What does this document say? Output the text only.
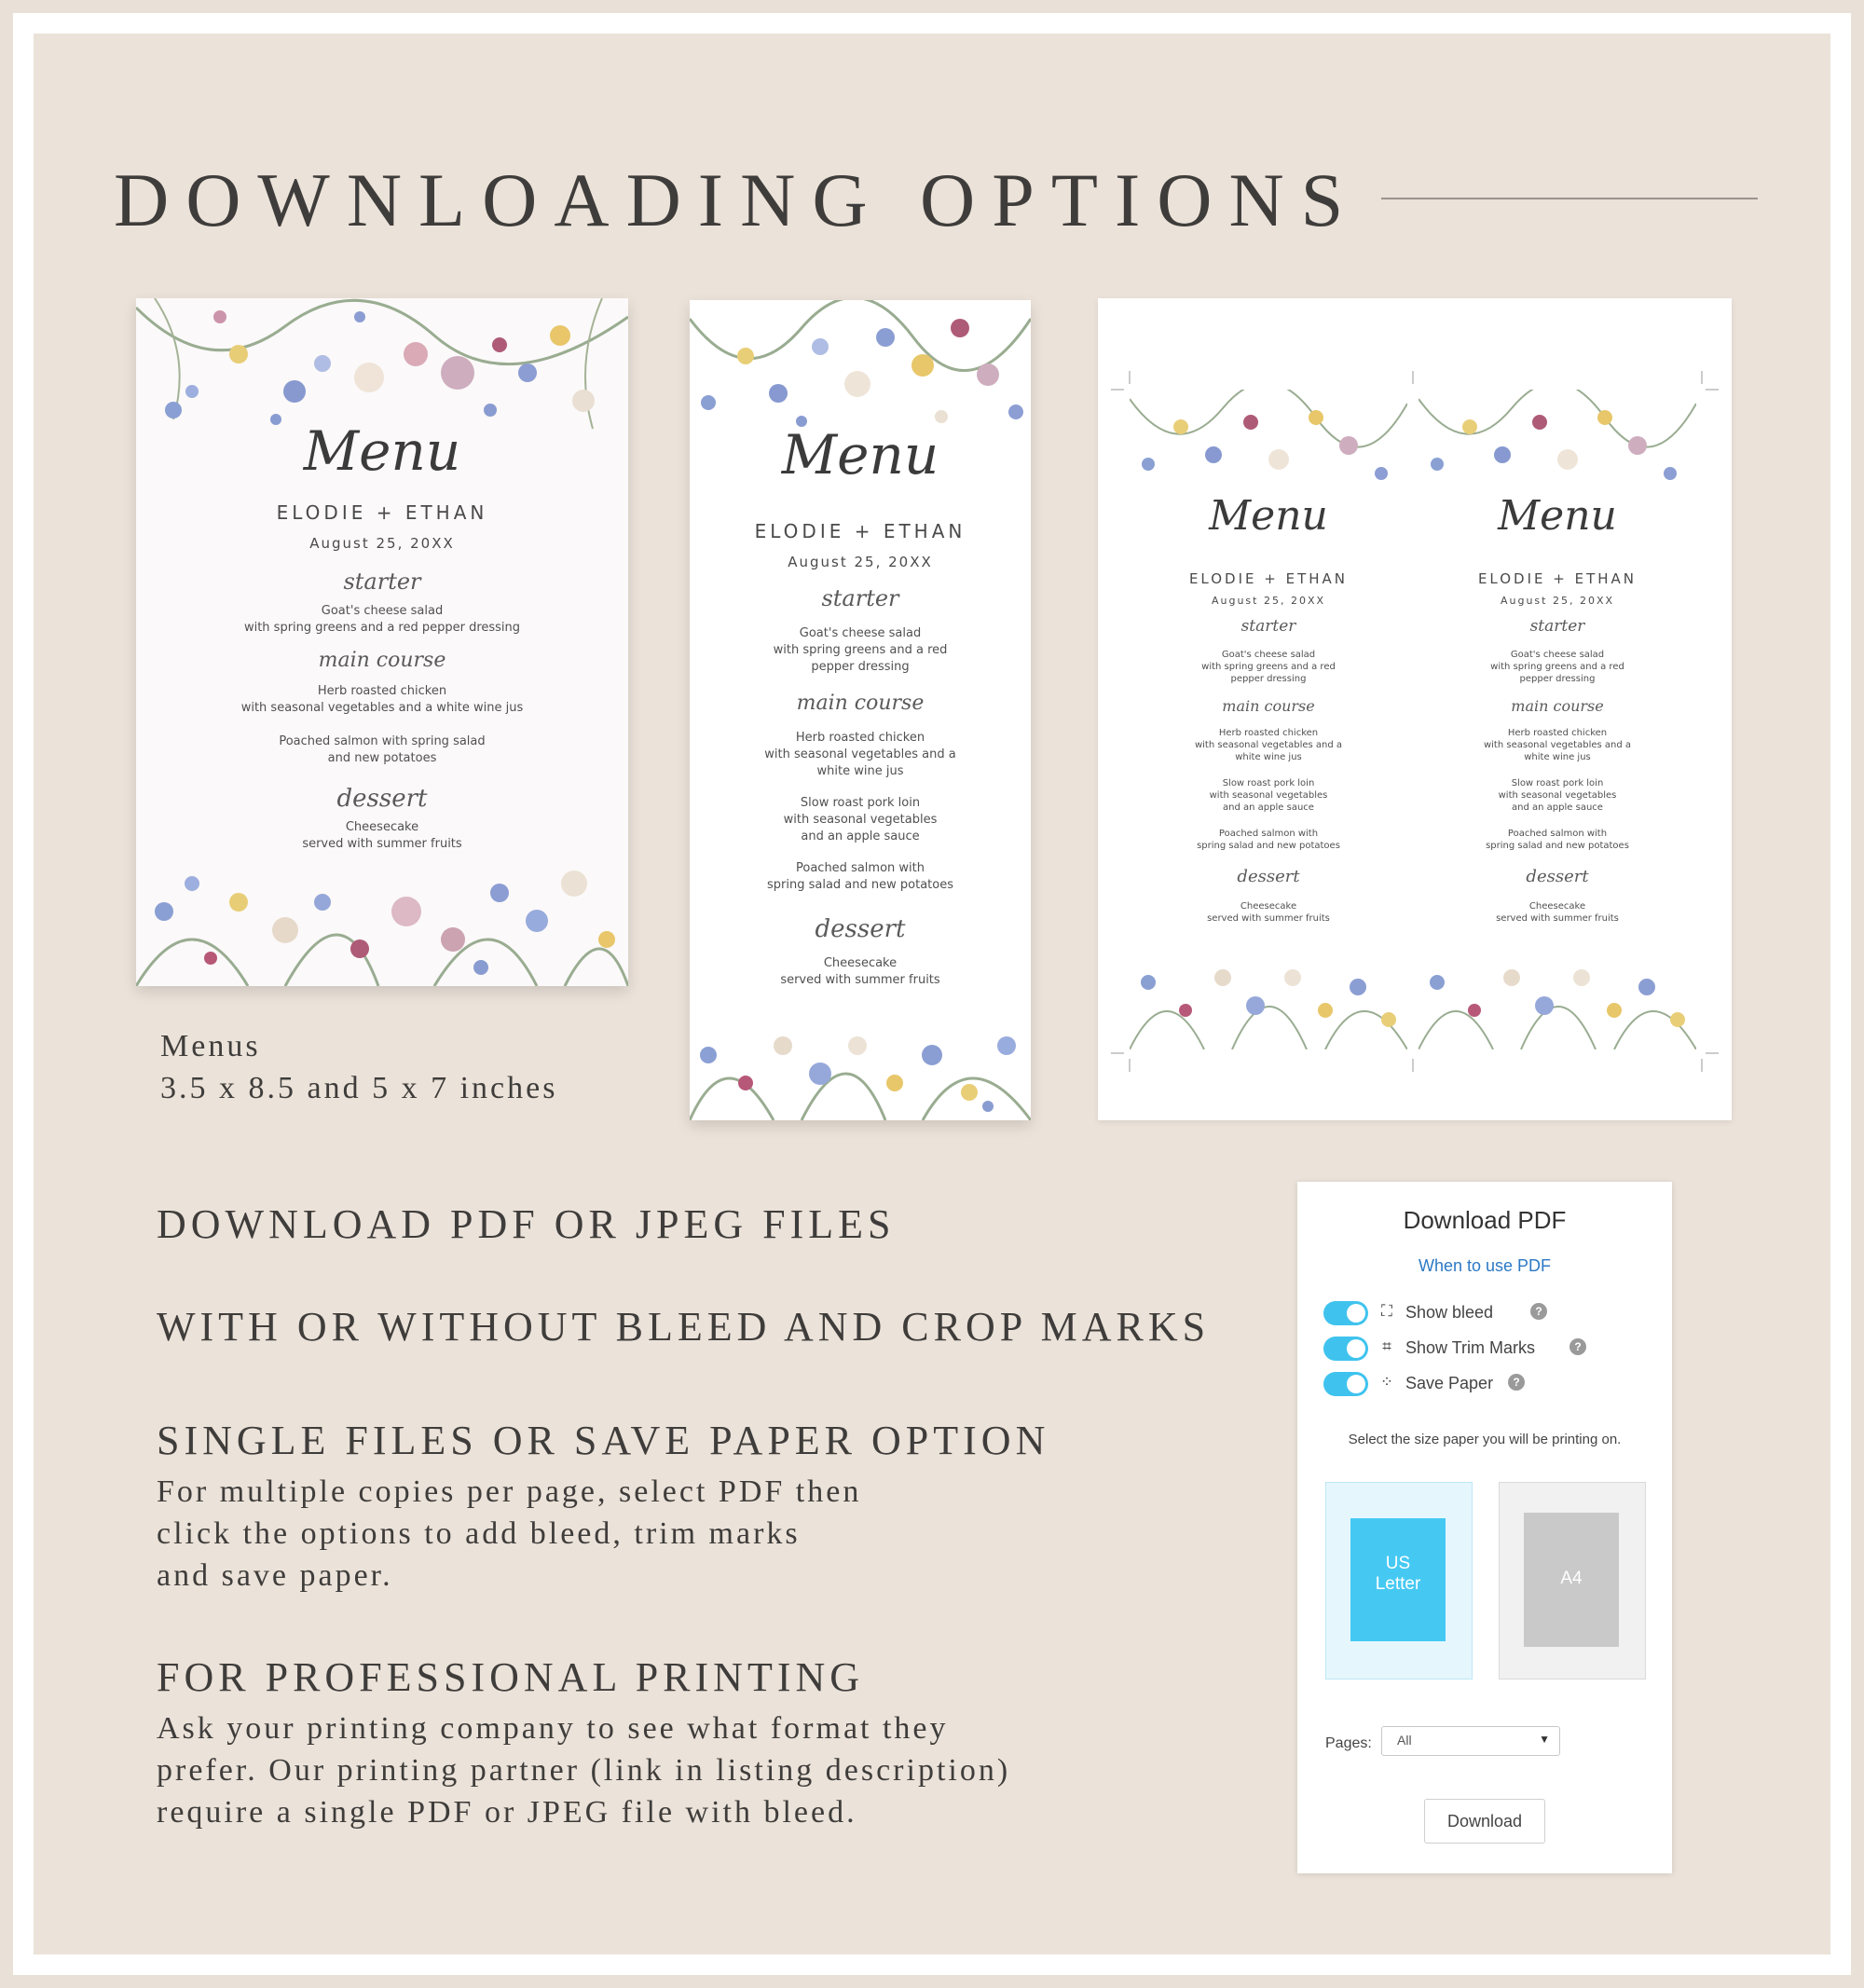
DOWNLOADING OPTIONS
Menu
ELODIE + ETHAN
August 25, 20XX
starter
Goat's cheese salad
with spring greens and a red pepper dressing
main course
Herb roasted chicken
with seasonal vegetables and a white wine jus
Poached salmon with spring salad
and new potatoes
dessert
Cheesecake
served with summer fruits
Menu
ELODIE + ETHAN
August 25, 20XX
starter
Goat's cheese salad
with spring greens and a red
pepper dressing
main course
Herb roasted chicken
with seasonal vegetables and a
white wine jus
Slow roast pork loin
with seasonal vegetables
and an apple sauce
Poached salmon with
spring salad and new potatoes
dessert
Cheesecake
served with summer fruits
Menu
ELODIE + ETHAN
August 25, 20XX
starter
Goat's cheese salad
with spring greens and a red
pepper dressing
main course
Herb roasted chicken
with seasonal vegetables and a
white wine jus
Slow roast pork loin
with seasonal vegetables
and an apple sauce
Poached salmon with
spring salad and new potatoes
dessert
Cheesecake
served with summer fruits
Menu
ELODIE + ETHAN
August 25, 20XX
starter
Goat's cheese salad
with spring greens and a red
pepper dressing
main course
Herb roasted chicken
with seasonal vegetables and a
white wine jus
Slow roast pork loin
with seasonal vegetables
and an apple sauce
Poached salmon with
spring salad and new potatoes
dessert
Cheesecake
served with summer fruits
Menus
3.5 x 8.5 and 5 x 7 inches
DOWNLOAD PDF OR JPEG FILES
WITH OR WITHOUT BLEED AND CROP MARKS
SINGLE FILES OR SAVE PAPER OPTION
For multiple copies per page, select PDF then
click the options to add bleed, trim marks
and save paper.
FOR PROFESSIONAL PRINTING
Ask your printing company to see what format they
prefer. Our printing partner (link in listing description)
require a single PDF or JPEG file with bleed.
Download PDF
When to use PDF
⛶ Show bleed	?
⌗ Show Trim Marks	?
⁘ Save Paper	?
Select the size paper you will be printing on.
US
Letter	A4
Pages: All	▼
Download
